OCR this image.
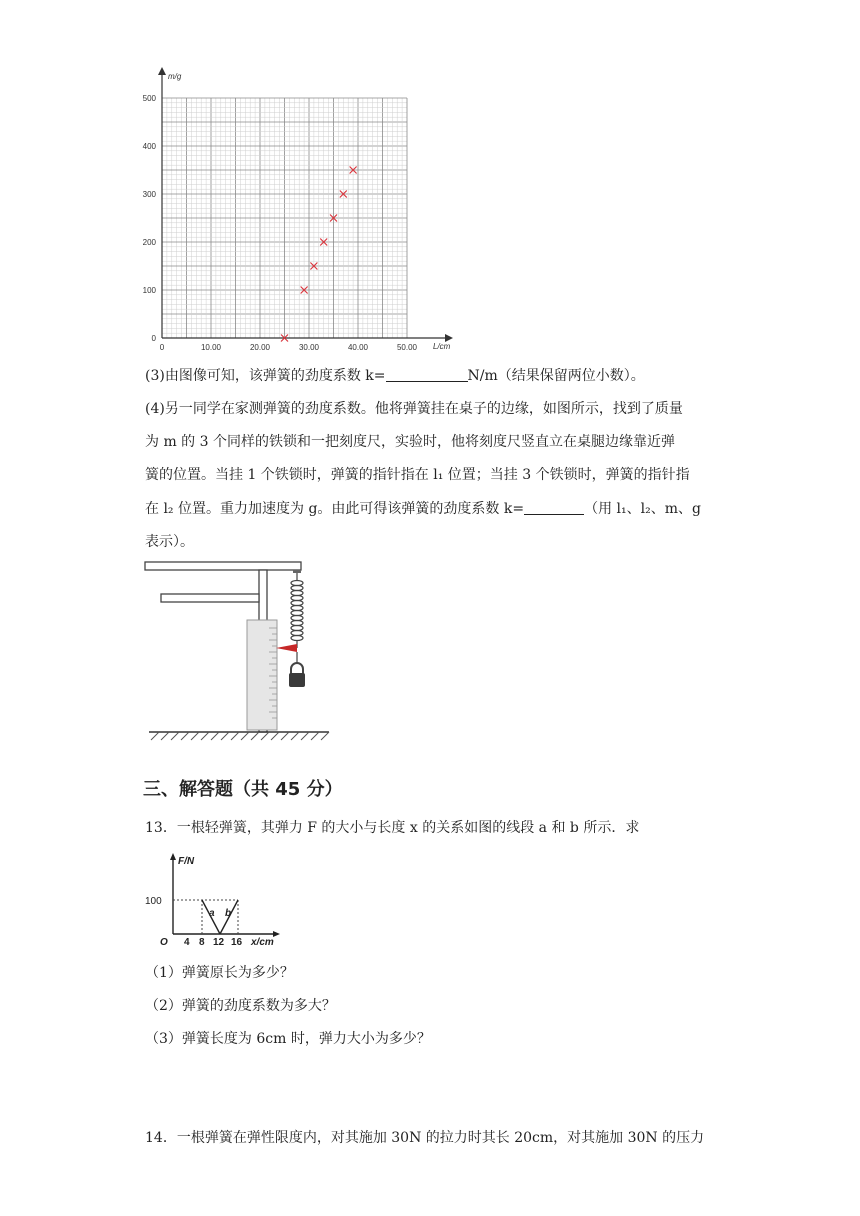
m/g
L/cm
0	10.00	20.00	30.00	40.00	50.00
0
100
200
300
400
500
(3)由图像可知，该弹簧的劲度系数 k=	N/m（结果保留两位小数）。
(4)另一同学在家测弹簧的劲度系数。他将弹簧挂在桌子的边缘，如图所示，找到了质量
为 m 的 3 个同样的铁锁和一把刻度尺，实验时，他将刻度尺竖直立在桌腿边缘靠近弹
簧的位置。当挂 1 个铁锁时，弹簧的指针指在 l₁ 位置；当挂 3 个铁锁时，弹簧的指针指
在 l₂ 位置。重力加速度为 g。由此可得该弹簧的劲度系数 k=	（用 l₁、l₂、m、g
表示）。
三、解答题（共 45 分）
13．一根轻弹簧，其弹力 F 的大小与长度 x 的关系如图的线段 a 和 b 所示．求
F/N
100
a b
O 4 8 12 16 x/cm
（1）弹簧原长为多少？
（2）弹簧的劲度系数为多大？
（3）弹簧长度为 6cm 时，弹力大小为多少？
14．一根弹簧在弹性限度内，对其施加 30N 的拉力时其长 20cm，对其施加 30N 的压力
